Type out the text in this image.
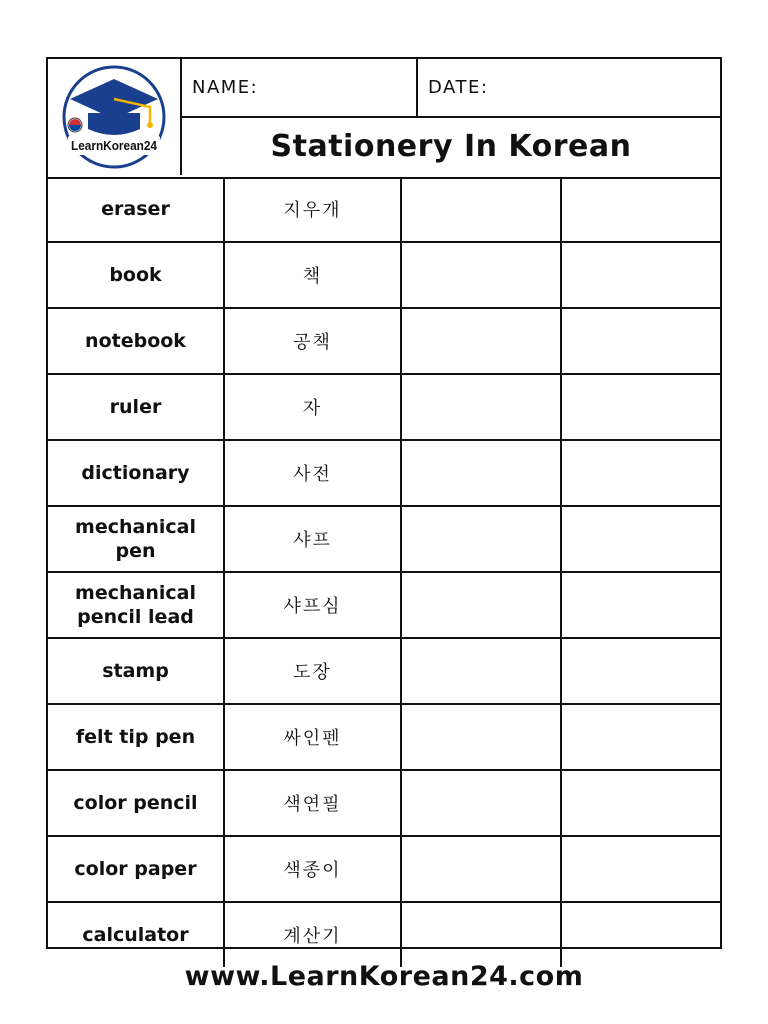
LearnKorean24
NAME:	DATE:
Stationery In Korean
eraser	지우개		
book	책		
notebook	공책		
ruler	자		
dictionary	사전		
mechanical pen	샤프		
mechanical pencil lead	샤프심		
stamp	도장		
felt tip pen	싸인펜		
color pencil	색연필		
color paper	색종이		
calculator	계산기		
www.LearnKorean24.com
